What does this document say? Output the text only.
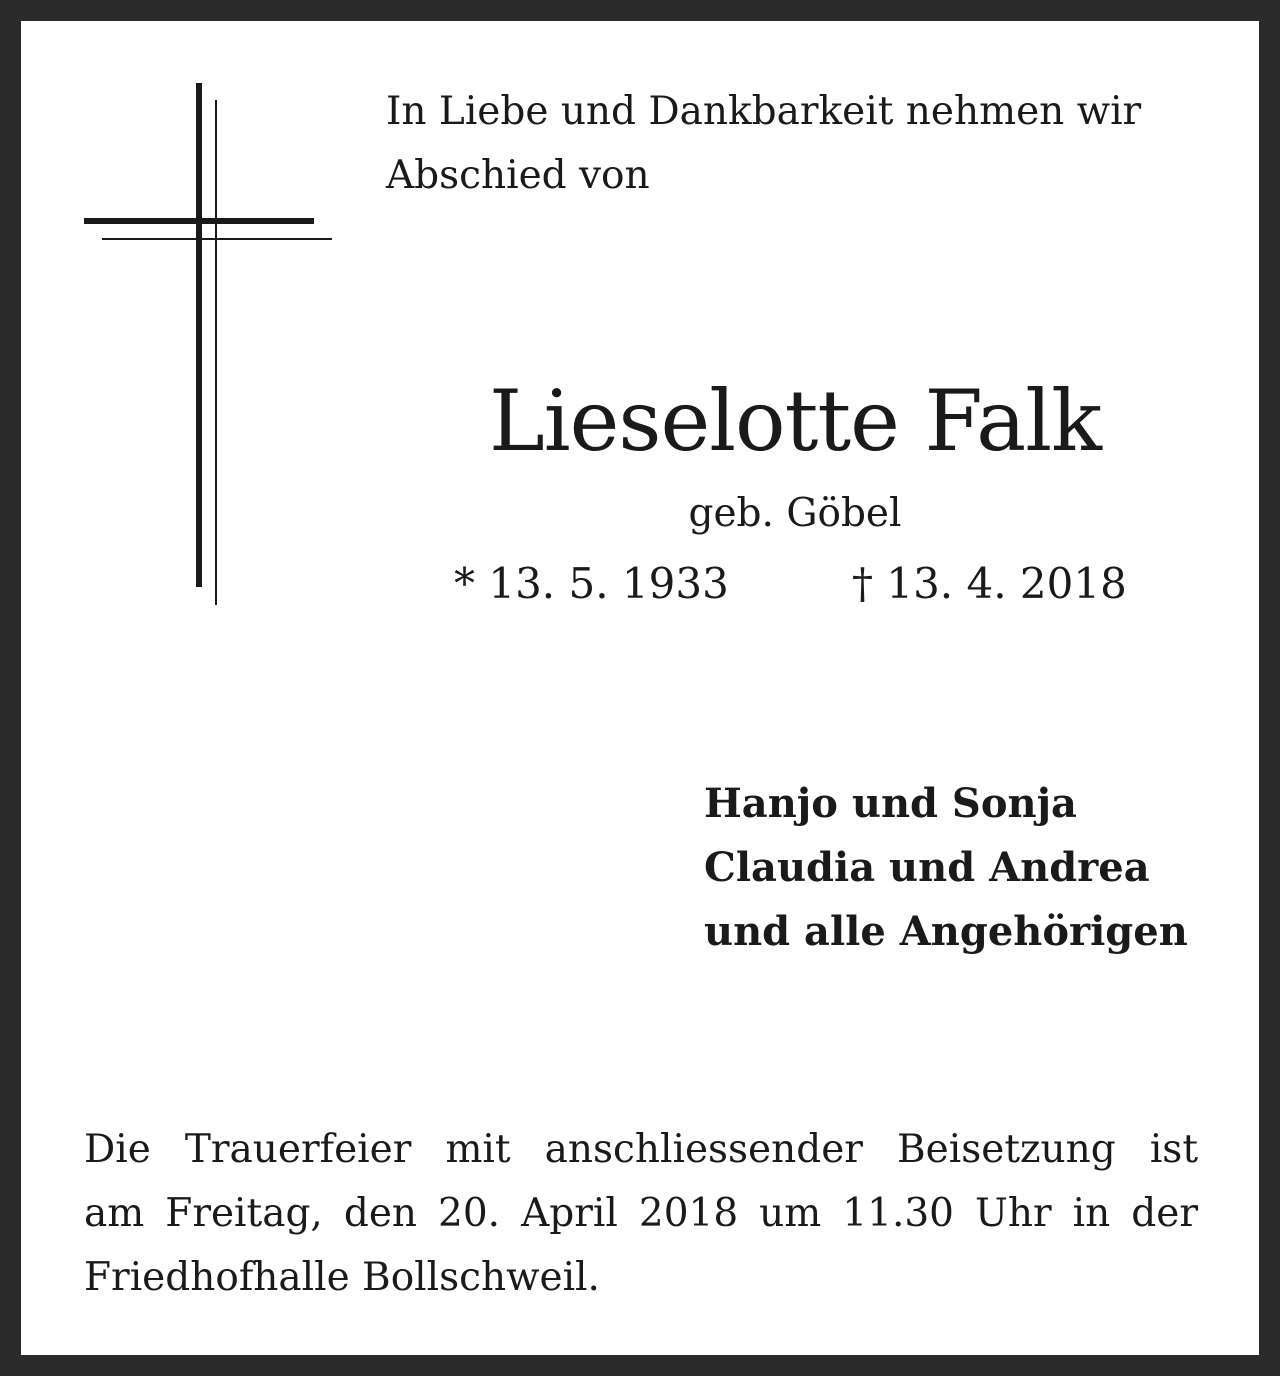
In Liebe und Dankbarkeit nehmen wir
Abschied von

Lieselotte Falk
geb. Göbel
* 13. 5. 1933	† 13. 4. 2018

Hanjo und Sonja
Claudia und Andrea
und alle Angehörigen

Die Trauerfeier mit anschliessender Beisetzung ist
am Freitag, den 20. April 2018 um 11.30 Uhr in der
Friedhofhalle Bollschweil.
